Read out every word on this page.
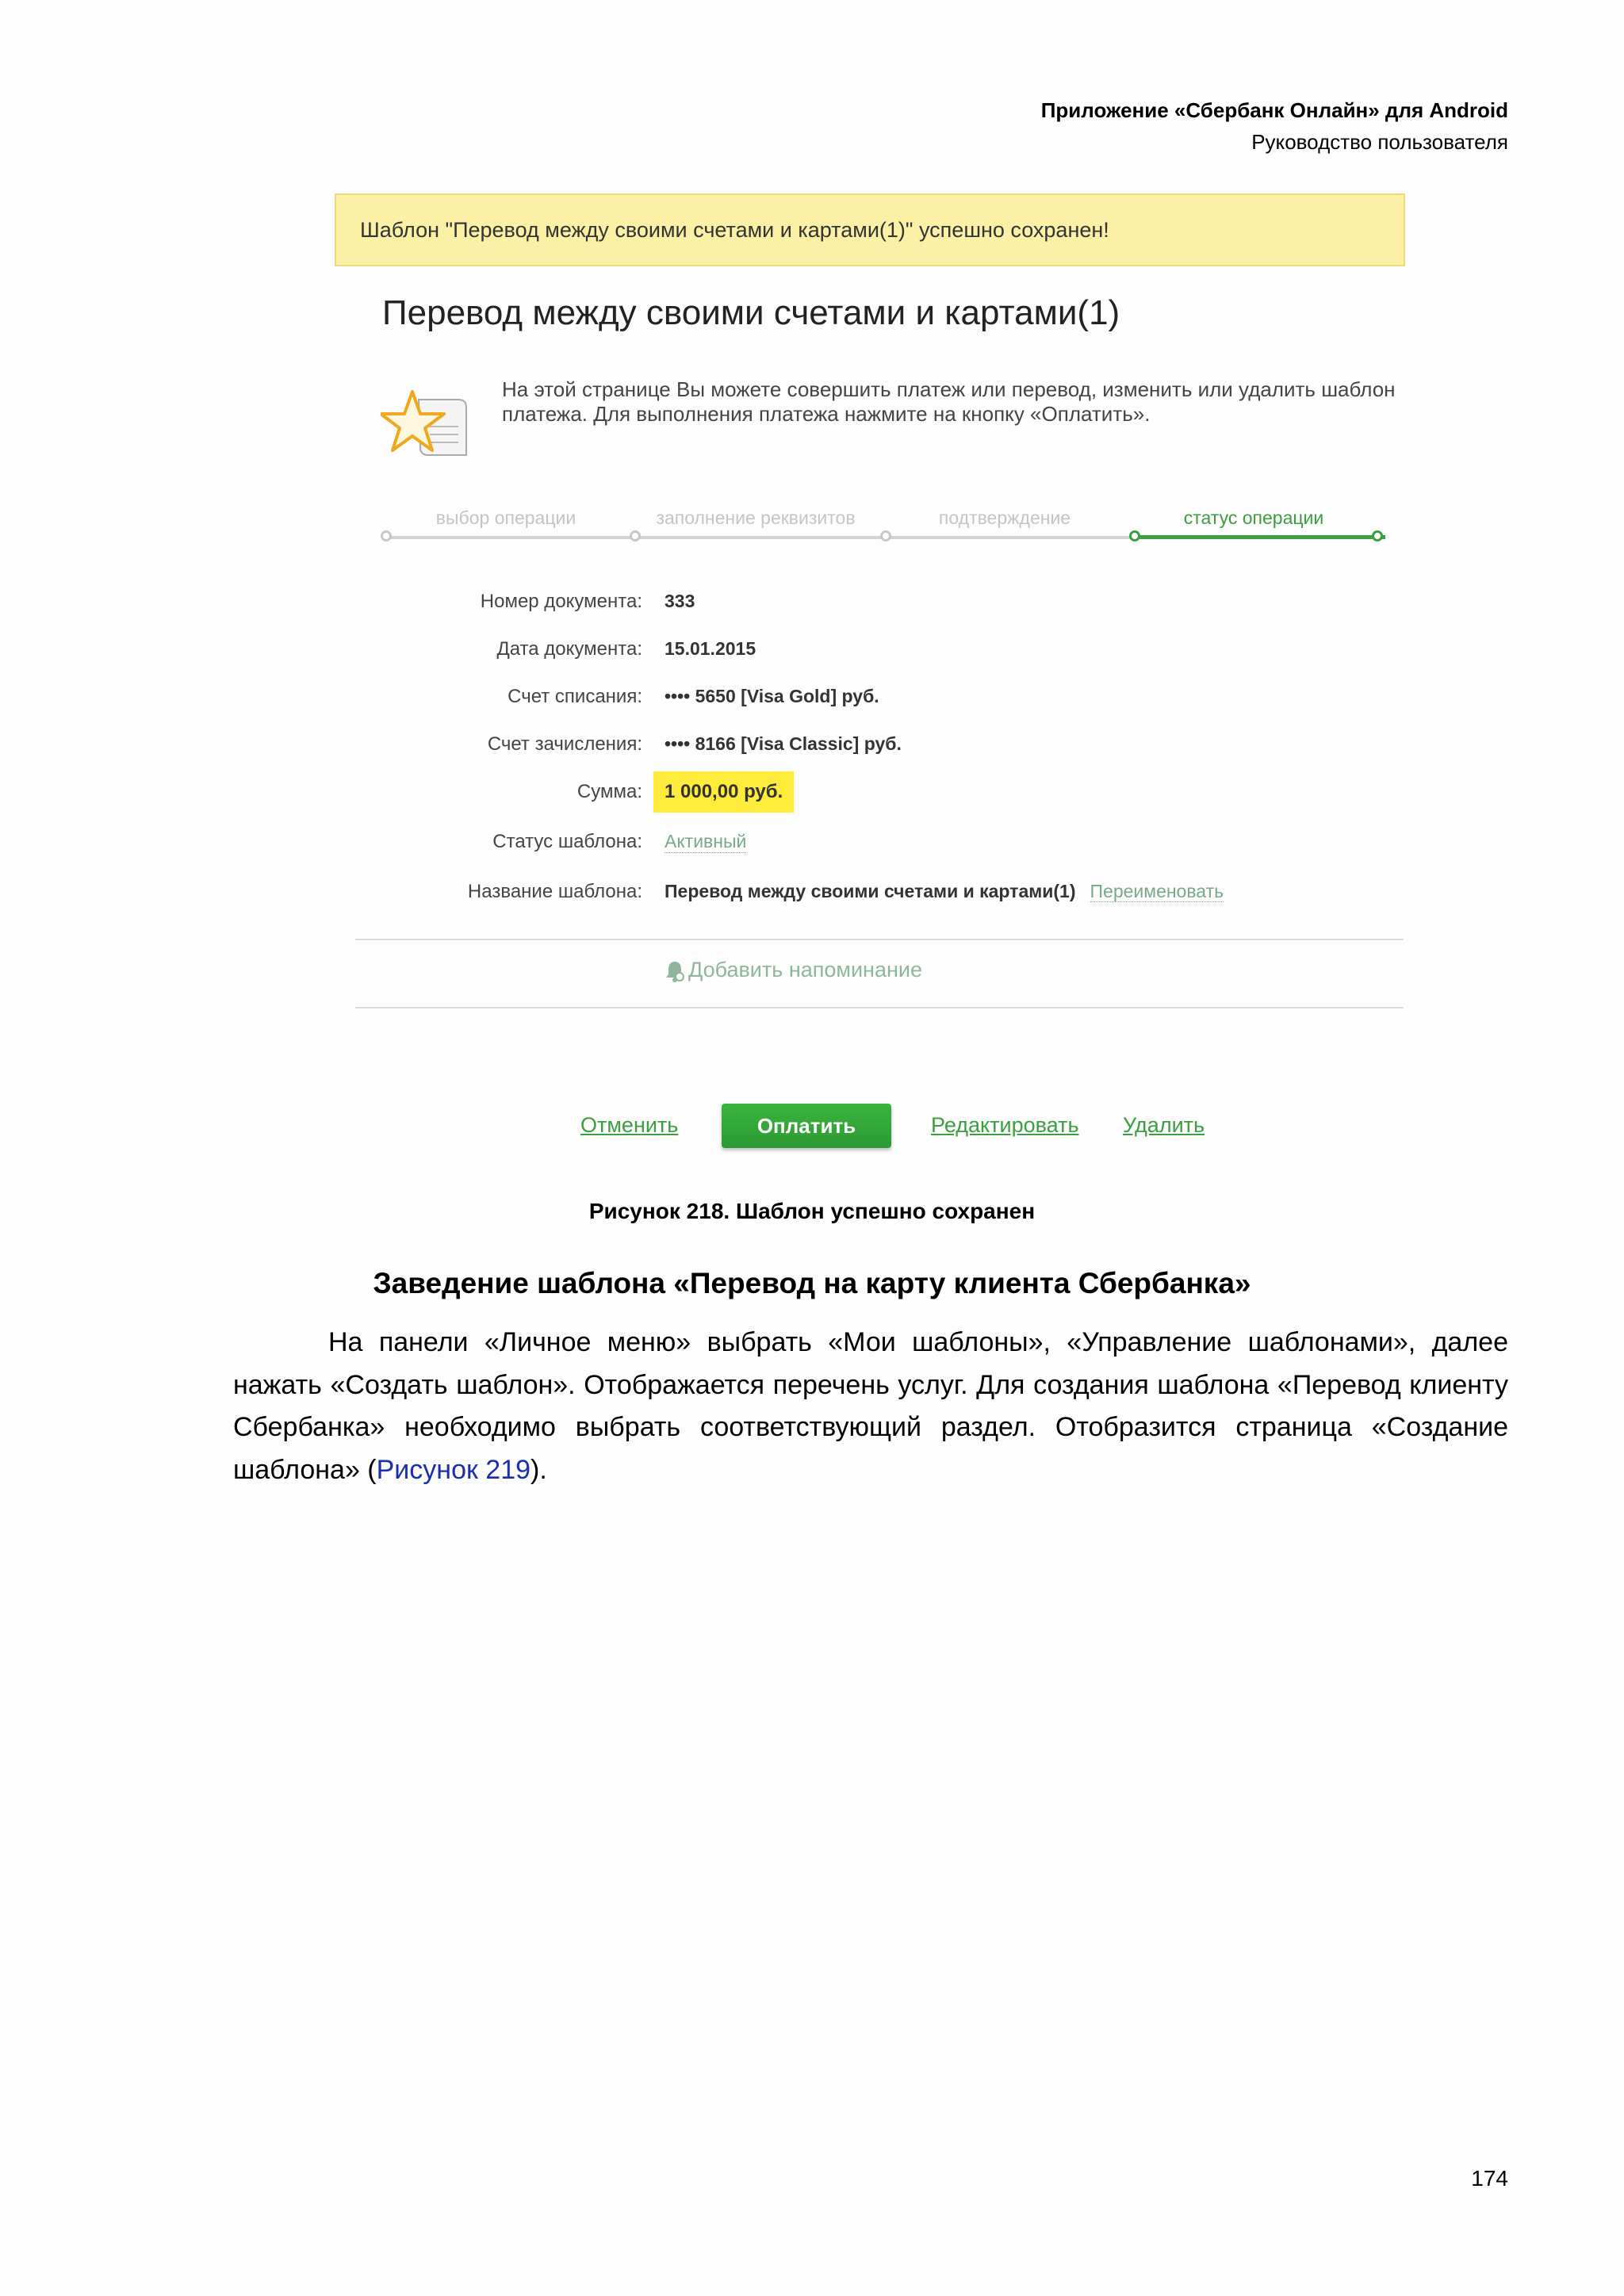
Приложение «Сбербанк Онлайн» для Android
Руководство пользователя
Шаблон "Перевод между своими счетами и картами(1)" успешно сохранен!
Перевод между своими счетами и картами(1)
На этой странице Вы можете совершить платеж или перевод, изменить или удалить шаблон платежа. Для выполнения платежа нажмите на кнопку «Оплатить».
выбор операции	заполнение реквизитов	подтверждение	статус операции
Номер документа: 333
Дата документа: 15.01.2015
Счет списания: •••• 5650 [Visa Gold] руб.
Счет зачисления: •••• 8166 [Visa Classic] руб.
Сумма: 1 000,00 руб.
Статус шаблона: Активный
Название шаблона: Перевод между своими счетами и картами(1) Переименовать
Добавить напоминание
Отменить	Оплатить	Редактировать Удалить
Рисунок 218. Шаблон успешно сохранен
Заведение шаблона «Перевод на карту клиента Сбербанка»
На панели «Личное меню» выбрать «Мои шаблоны», «Управление шаблонами», далее нажать «Создать шаблон». Отображается перечень услуг. Для создания шаблона «Перевод клиенту Сбербанка» необходимо выбрать соответствующий раздел. Отобразится страница «Создание шаблона» (Рисунок 219).
174
